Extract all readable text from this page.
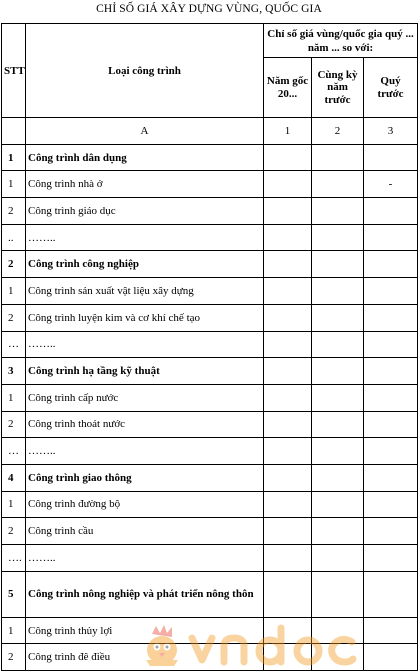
CHỈ SỐ GIÁ XÂY DỰNG VÙNG, QUỐC GIA
STT	Loại công trình	Chỉ số giá vùng/quốc gia quý ... năm ... so với:		
		Năm gốc 20...	Cùng kỳ năm trước	Quý trước
	A	1	2	3
1	Công trình dân dụng			
1	Công trình nhà ở			-
2	Công trình giáo dục			
..	……..			
2	Công trình công nghiệp			
1	Công trình sản xuất vật liệu xây dựng			
2	Công trình luyện kim và cơ khí chế tạo			
…	……..			
3	Công trình hạ tầng kỹ thuật			
1	Công trình cấp nước			
2	Công trình thoát nước			
…	……..			
4	Công trình giao thông			
1	Công trình đường bộ			
2	Công trình cầu			
….	……..			
5	Công trình nông nghiệp và phát triển nông thôn			
1	Công trình thủy lợi			
2	Công trình đê điều			
